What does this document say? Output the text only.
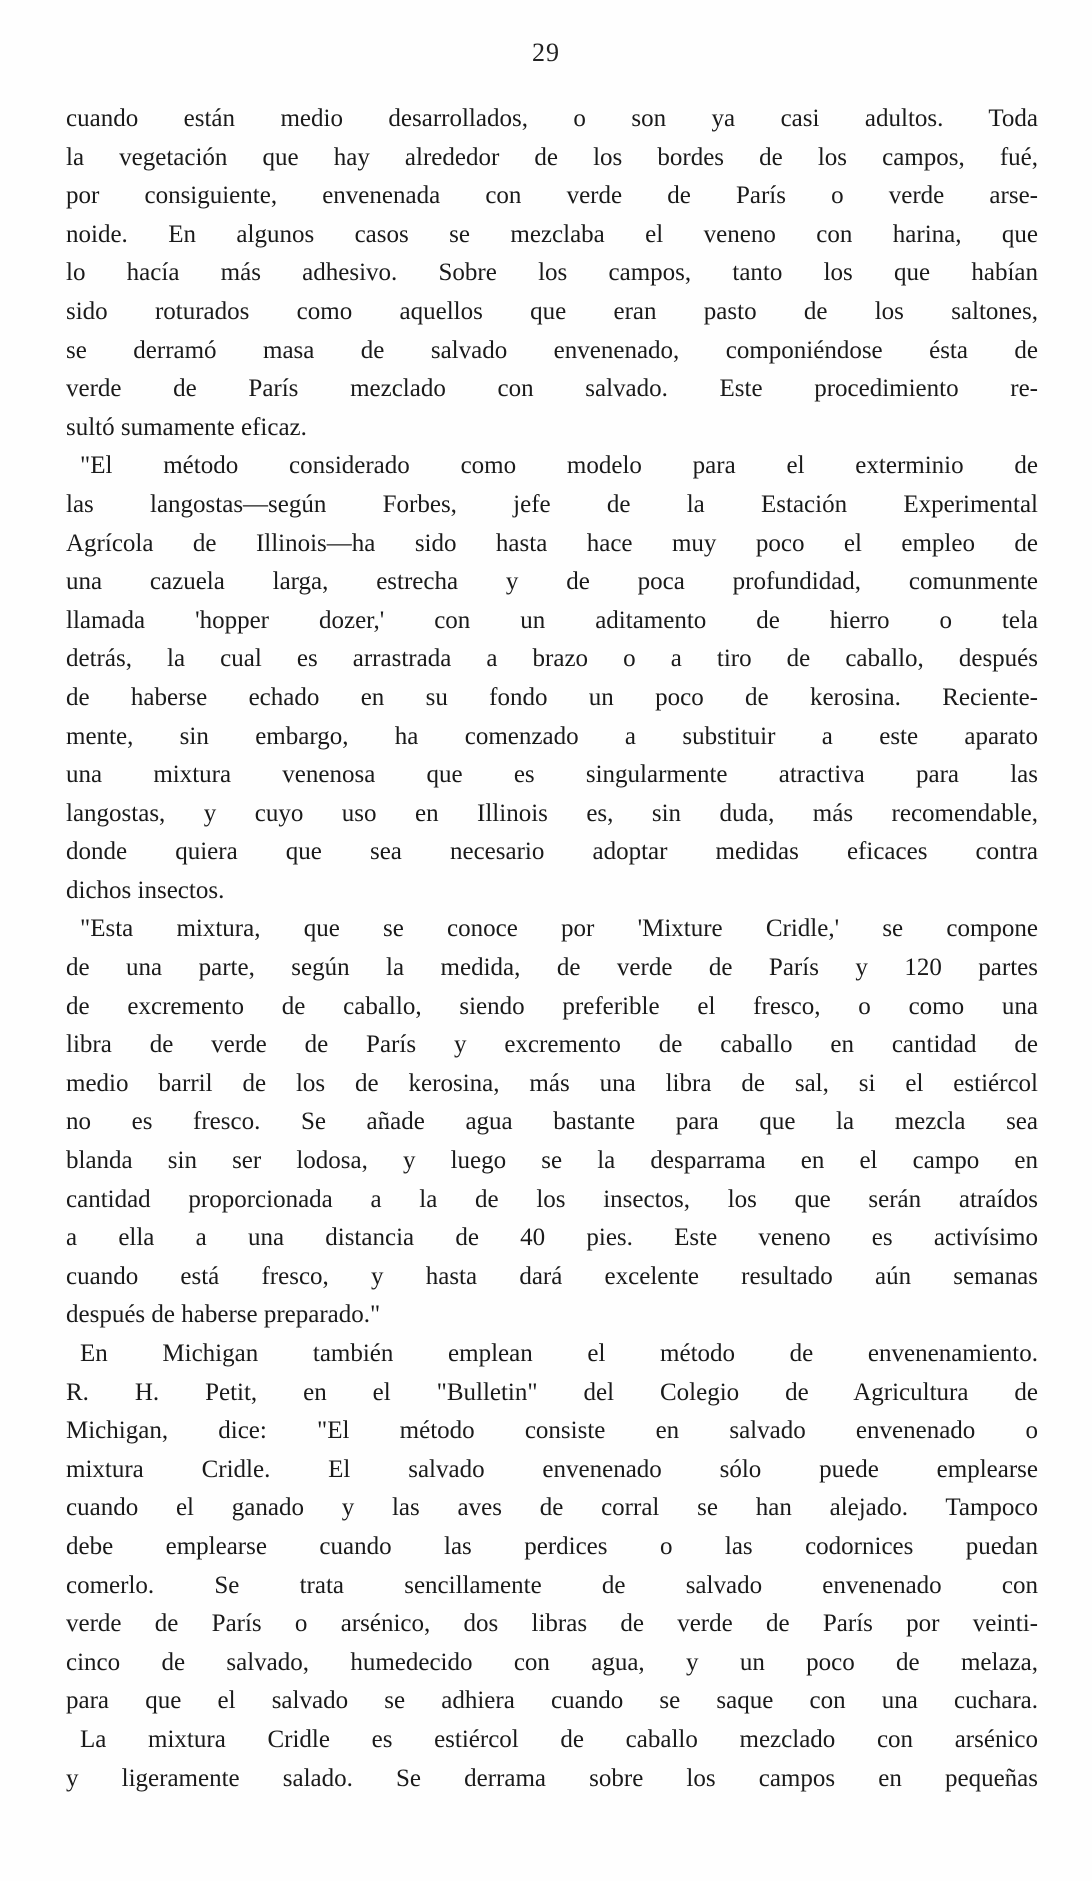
29
cuando están medio desarrollados, o son ya casi adultos. Toda
la vegetación que hay alrededor de los bordes de los campos, fué,
por consiguiente, envenenada con verde de París o verde arse-
noide. En algunos casos se mezclaba el veneno con harina, que
lo hacía más adhesivo. Sobre los campos, tanto los que habían
sido roturados como aquellos que eran pasto de los saltones,
se derramó masa de salvado envenenado, componiéndose ésta de
verde de París mezclado con salvado. Este procedimiento re-
sultó sumamente eficaz.
"El método considerado como modelo para el exterminio de
las langostas—según Forbes, jefe de la Estación Experimental
Agrícola de Illinois—ha sido hasta hace muy poco el empleo de
una cazuela larga, estrecha y de poca profundidad, comunmente
llamada 'hopper dozer,' con un aditamento de hierro o tela
detrás, la cual es arrastrada a brazo o a tiro de caballo, después
de haberse echado en su fondo un poco de kerosina. Reciente-
mente, sin embargo, ha comenzado a substituir a este aparato
una mixtura venenosa que es singularmente atractiva para las
langostas, y cuyo uso en Illinois es, sin duda, más recomendable,
donde quiera que sea necesario adoptar medidas eficaces contra
dichos insectos.
"Esta mixtura, que se conoce por 'Mixture Cridle,' se compone
de una parte, según la medida, de verde de París y 120 partes
de excremento de caballo, siendo preferible el fresco, o como una
libra de verde de París y excremento de caballo en cantidad de
medio barril de los de kerosina, más una libra de sal, si el estiércol
no es fresco. Se añade agua bastante para que la mezcla sea
blanda sin ser lodosa, y luego se la desparrama en el campo en
cantidad proporcionada a la de los insectos, los que serán atraídos
a ella a una distancia de 40 pies. Este veneno es activísimo
cuando está fresco, y hasta dará excelente resultado aún semanas
después de haberse preparado."
En Michigan también emplean el método de envenenamiento.
R. H. Petit, en el "Bulletin" del Colegio de Agricultura de
Michigan, dice: "El método consiste en salvado envenenado o
mixtura Cridle. El salvado envenenado sólo puede emplearse
cuando el ganado y las aves de corral se han alejado. Tampoco
debe emplearse cuando las perdices o las codornices puedan
comerlo. Se trata sencillamente de salvado envenenado con
verde de París o arsénico, dos libras de verde de París por veinti-
cinco de salvado, humedecido con agua, y un poco de melaza,
para que el salvado se adhiera cuando se saque con una cuchara.
La mixtura Cridle es estiércol de caballo mezclado con arsénico
y ligeramente salado. Se derrama sobre los campos en pequeñas
